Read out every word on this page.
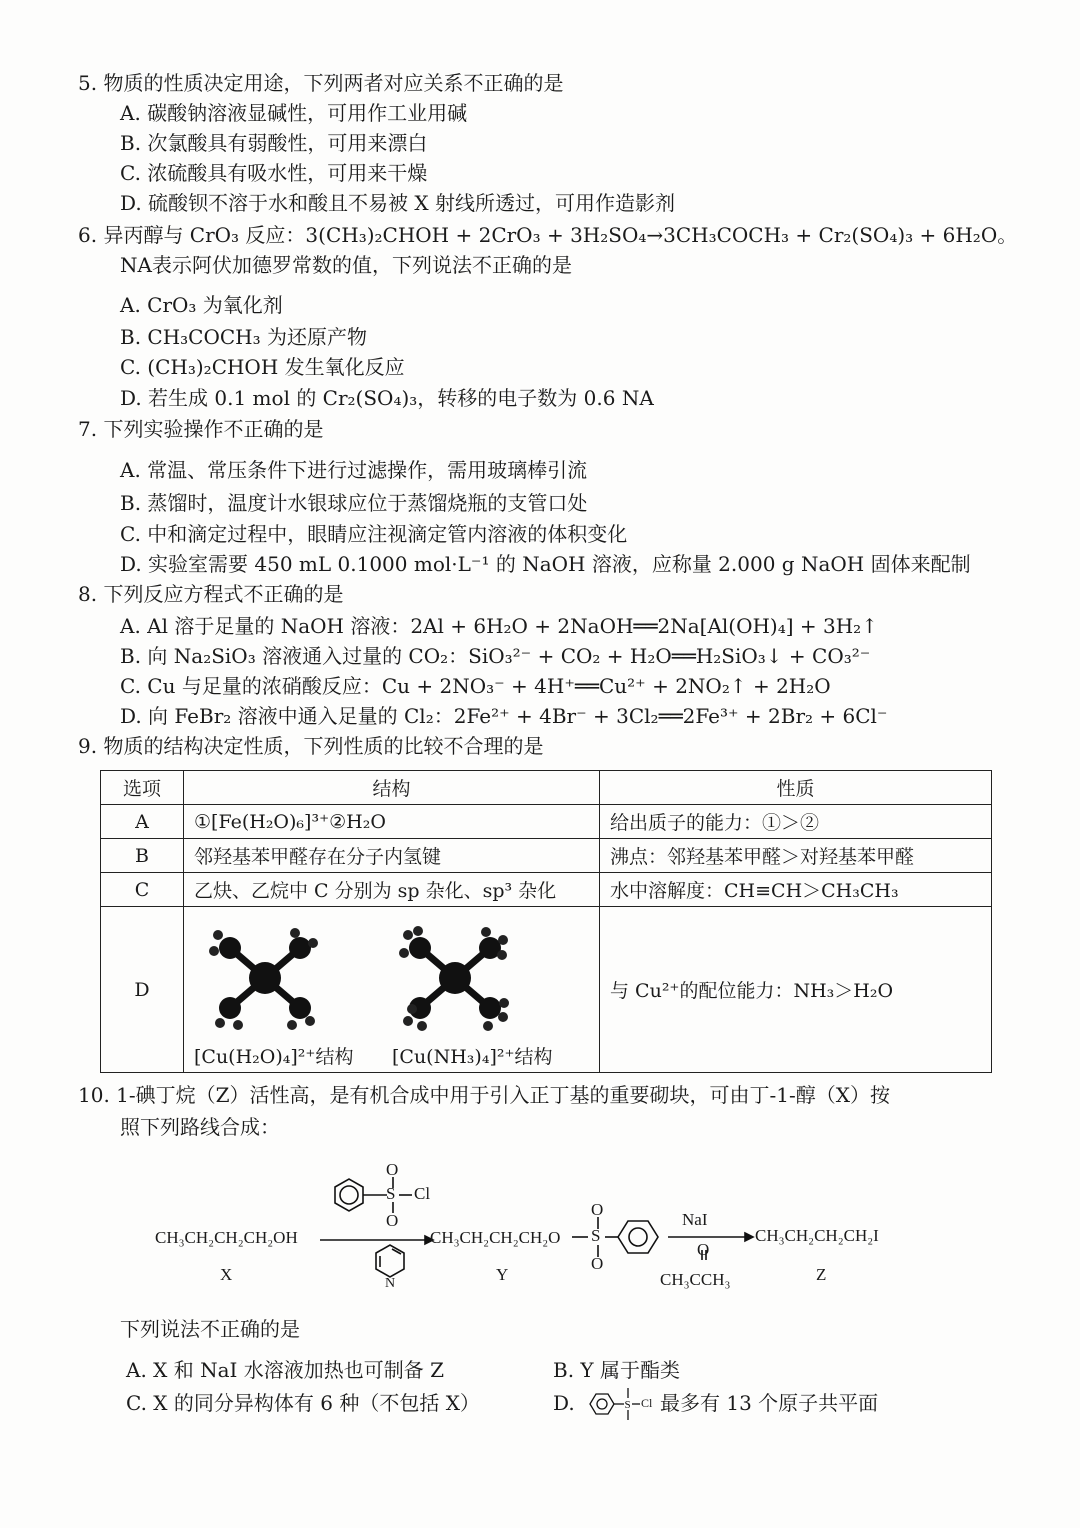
5. 物质的性质决定用途，下列两者对应关系不正确的是
A. 碳酸钠溶液显碱性，可用作工业用碱
B. 次氯酸具有弱酸性，可用来漂白
C. 浓硫酸具有吸水性，可用来干燥
D. 硫酸钡不溶于水和酸且不易被 X 射线所透过，可用作造影剂
6. 异丙醇与 CrO₃ 反应：3(CH₃)₂CHOH + 2CrO₃ + 3H₂SO₄→3CH₃COCH₃ + Cr₂(SO₄)₃ + 6H₂O。
NA表示阿伏加德罗常数的值，下列说法不正确的是
A. CrO₃ 为氧化剂
B. CH₃COCH₃ 为还原产物
C. (CH₃)₂CHOH 发生氧化反应
D. 若生成 0.1 mol 的 Cr₂(SO₄)₃，转移的电子数为 0.6 NA
7. 下列实验操作不正确的是
A. 常温、常压条件下进行过滤操作，需用玻璃棒引流
B. 蒸馏时，温度计水银球应位于蒸馏烧瓶的支管口处
C. 中和滴定过程中，眼睛应注视滴定管内溶液的体积变化
D. 实验室需要 450 mL 0.1000 mol·L⁻¹ 的 NaOH 溶液，应称量 2.000 g NaOH 固体来配制
8. 下列反应方程式不正确的是
A. Al 溶于足量的 NaOH 溶液：2Al + 6H₂O + 2NaOH══2Na[Al(OH)₄] + 3H₂↑
B. 向 Na₂SiO₃ 溶液通入过量的 CO₂：SiO₃²⁻ + CO₂ + H₂O══H₂SiO₃↓ + CO₃²⁻
C. Cu 与足量的浓硝酸反应：Cu + 2NO₃⁻ + 4H⁺══Cu²⁺ + 2NO₂↑ + 2H₂O
D. 向 FeBr₂ 溶液中通入足量的 Cl₂：2Fe²⁺ + 4Br⁻ + 3Cl₂══2Fe³⁺ + 2Br₂ + 6Cl⁻
9. 物质的结构决定性质，下列性质的比较不合理的是
选项	结构	性质
A	①[Fe(H₂O)₆]³⁺②H₂O	给出质子的能力：①＞②
B	邻羟基苯甲醛存在分子内氢键	沸点：邻羟基苯甲醛＞对羟基苯甲醛
C	乙炔、乙烷中 C 分别为 sp 杂化、sp³ 杂化	水中溶解度：CH≡CH＞CH₃CH₃
D	[Cu(H₂O)₄]²⁺结构 [Cu(NH₃)₄]²⁺结构	与 Cu²⁺的配位能力：NH₃＞H₂O
10. 1-碘丁烷（Z）活性高，是有机合成中用于引入正丁基的重要砌块，可由丁-1-醇（X）按
照下列路线合成：
CH₃CH₂CH₂CH₂OH
X
S
O
O
Cl
N
CH₃CH₂CH₂CH₂O S
O
O
Y
NaI
O
CH₃CCH₃
CH₃CH₂CH₂CH₂I
Z
下列说法不正确的是
A. X 和 NaI 水溶液加热也可制备 Z	B. Y 属于酯类
C. X 的同分异构体有 6 种（不包括 X）	D.	S Cl 最多有 13 个原子共平面
